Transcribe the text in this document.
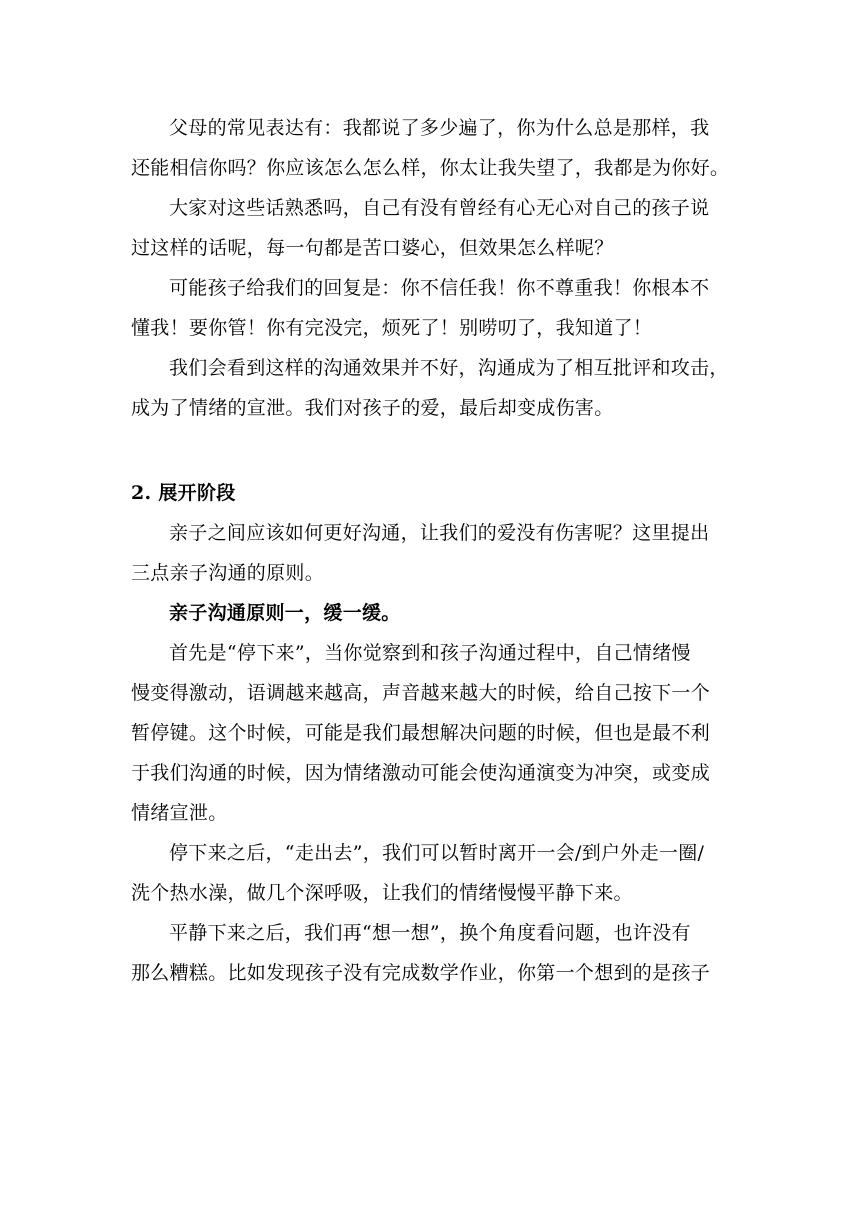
父母的常见表达有：我都说了多少遍了，你为什么总是那样，我
还能相信你吗？你应该怎么怎么样，你太让我失望了，我都是为你好。
大家对这些话熟悉吗，自己有没有曾经有心无心对自己的孩子说
过这样的话呢，每一句都是苦口婆心，但效果怎么样呢？
可能孩子给我们的回复是：你不信任我！你不尊重我！你根本不
懂我！要你管！你有完没完，烦死了！别唠叨了，我知道了！
我们会看到这样的沟通效果并不好，沟通成为了相互批评和攻击，
成为了情绪的宣泄。我们对孩子的爱，最后却变成伤害。
2. 展开阶段
亲子之间应该如何更好沟通，让我们的爱没有伤害呢？这里提出
三点亲子沟通的原则。
亲子沟通原则一，缓一缓。
首先是“停下来”，当你觉察到和孩子沟通过程中，自己情绪慢
慢变得激动，语调越来越高，声音越来越大的时候，给自己按下一个
暂停键。这个时候，可能是我们最想解决问题的时候，但也是最不利
于我们沟通的时候，因为情绪激动可能会使沟通演变为冲突，或变成
情绪宣泄。
停下来之后，“走出去”，我们可以暂时离开一会/到户外走一圈/
洗个热水澡，做几个深呼吸，让我们的情绪慢慢平静下来。
平静下来之后，我们再“想一想”，换个角度看问题，也许没有
那么糟糕。比如发现孩子没有完成数学作业，你第一个想到的是孩子
